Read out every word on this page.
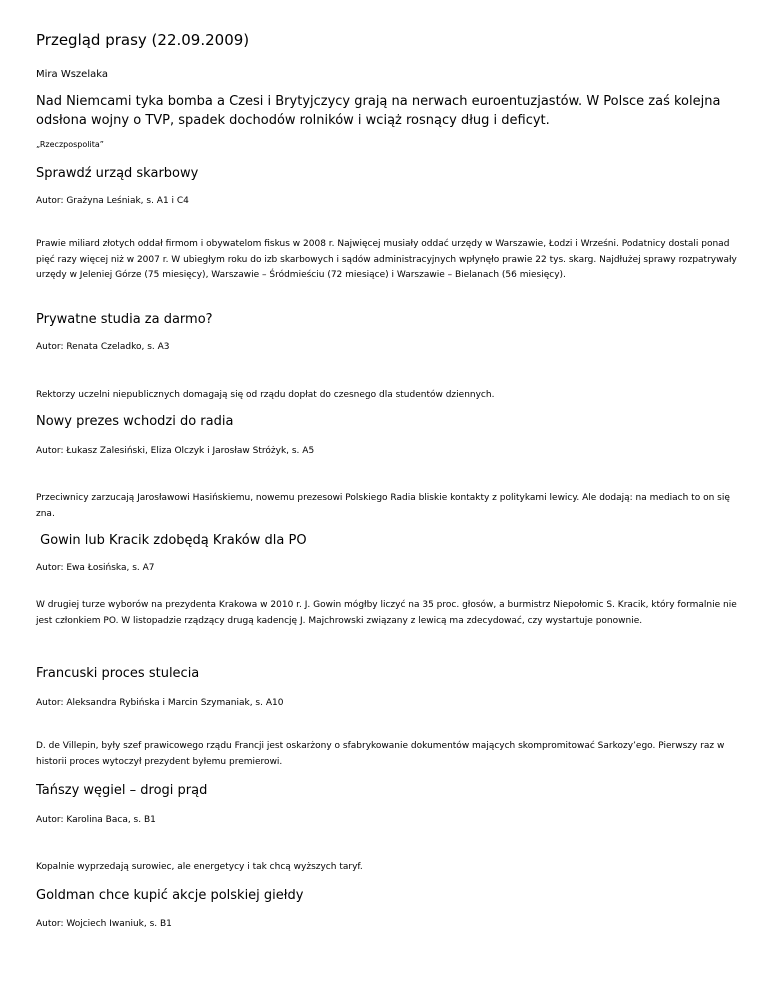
Przegląd prasy (22.09.2009)

Mira Wszelaka

Nad Niemcami tyka bomba a Czesi i Brytyjczycy grają na nerwach euroentuzjastów. W Polsce zaś kolejna odsłona wojny o TVP, spadek dochodów rolników i wciąż rosnący dług i deficyt.

„Rzeczpospolita”

Sprawdź urząd skarbowy

Autor: Grażyna Leśniak, s. A1 i C4

Prawie miliard złotych oddał firmom i obywatelom fiskus w 2008 r. Najwięcej musiały oddać urzędy w Warszawie, Łodzi i Wrześni. Podatnicy dostali ponad pięć razy więcej niż w 2007 r. W ubiegłym roku do izb skarbowych i sądów administracyjnych wpłynęło prawie 22 tys. skarg. Najdłużej sprawy rozpatrywały urzędy w Jeleniej Górze (75 miesięcy), Warszawie – Śródmieściu (72 miesiące) i Warszawie – Bielanach (56 miesięcy).

Prywatne studia za darmo?

Autor: Renata Czeladko, s. A3

Rektorzy uczelni niepublicznych domagają się od rządu dopłat do czesnego dla studentów dziennych.

Nowy prezes wchodzi do radia

Autor: Łukasz Zalesiński, Eliza Olczyk i Jarosław Stróżyk, s. A5

Przeciwnicy zarzucają Jarosławowi Hasińskiemu, nowemu prezesowi Polskiego Radia bliskie kontakty z politykami lewicy. Ale dodają: na mediach to on się zna.

Gowin lub Kracik zdobędą Kraków dla PO

Autor: Ewa Łosińska, s. A7

W drugiej turze wyborów na prezydenta Krakowa w 2010 r. J. Gowin mógłby liczyć na 35 proc. głosów, a burmistrz Niepołomic S. Kracik, który formalnie nie jest członkiem PO. W listopadzie rządzący drugą kadencję J. Majchrowski związany z lewicą ma zdecydować, czy wystartuje ponownie.

Francuski proces stulecia

Autor: Aleksandra Rybińska i Marcin Szymaniak, s. A10

D. de Villepin, były szef prawicowego rządu Francji jest oskarżony o sfabrykowanie dokumentów mających skompromitować Sarkozy’ego. Pierwszy raz w historii proces wytoczył prezydent byłemu premierowi.

Tańszy węgiel – drogi prąd

Autor: Karolina Baca, s. B1

Kopalnie wyprzedają surowiec, ale energetycy i tak chcą wyższych taryf.

Goldman chce kupić akcje polskiej giełdy

Autor: Wojciech Iwaniuk, s. B1
